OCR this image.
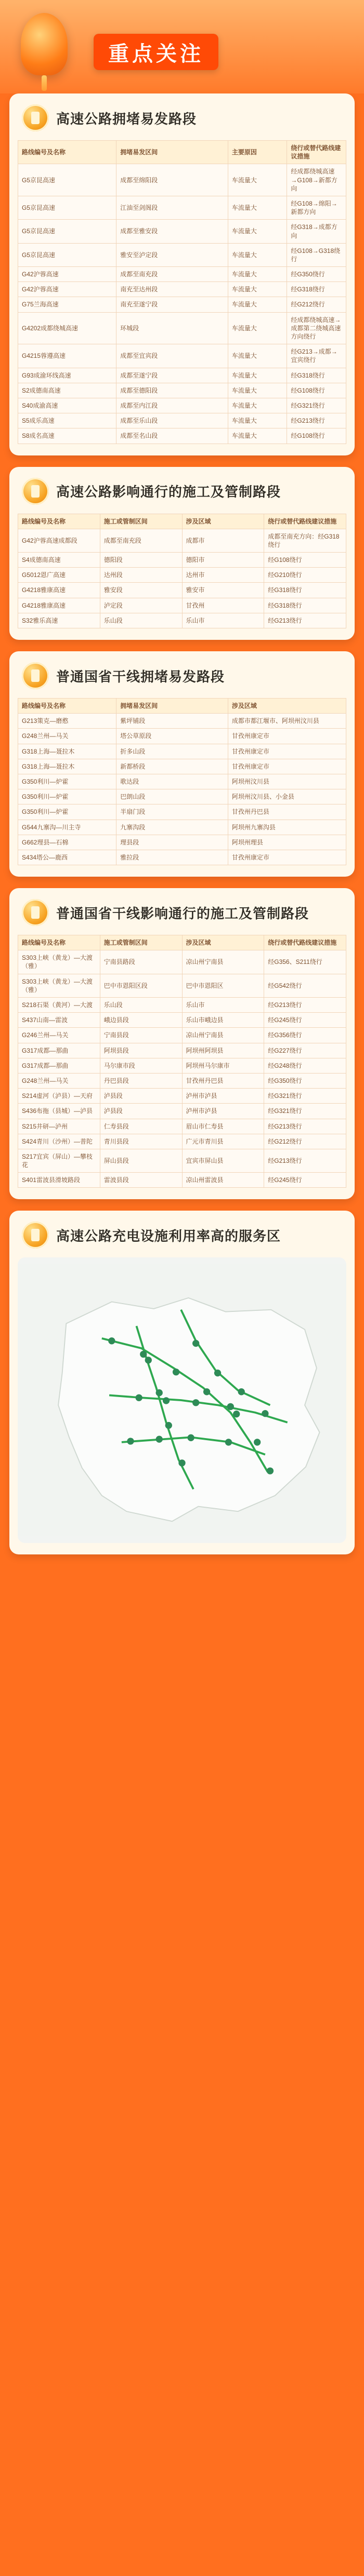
重点关注
高速公路拥堵易发路段
路线编号及名称	拥堵易发区间	主要原因	绕行或替代路线建议措施
G5京昆高速	成都至绵阳段	车流量大	经成都绕城高速→G108→新都方向
G5京昆高速	江油至剑阁段	车流量大	经G108→绵阳→新都方向
G5京昆高速	成都至雅安段	车流量大	经G318→成都方向
G5京昆高速	雅安至泸定段	车流量大	经G108→G318绕行
G42沪蓉高速	成都至南充段	车流量大	经G350绕行
G42沪蓉高速	南充至达州段	车流量大	经G318绕行
G75兰海高速	南充至遂宁段	车流量大	经G212绕行
G4202成都绕城高速	环城段	车流量大	经成都绕城高速→成都第二绕城高速方向绕行
G4215蓉遵高速	成都至宜宾段	车流量大	经G213→成都→宜宾绕行
G93成渝环线高速	成都至遂宁段	车流量大	经G318绕行
S2成德南高速	成都至德阳段	车流量大	经G108绕行
S40成渝高速	成都至内江段	车流量大	经G321绕行
S5成乐高速	成都至乐山段	车流量大	经G213绕行
S8成名高速	成都至名山段	车流量大	经G108绕行
高速公路影响通行的施工及管制路段
路线编号及名称	施工或管制区间	涉及区域	绕行或替代路线建议措施
G42沪蓉高速成都段	成都至南充段	成都市	成都至南充方向：经G318绕行
S4成德南高速	德阳段	德阳市	经G108绕行
G5012恩广高速	达州段	达州市	经G210绕行
G4218雅康高速	雅安段	雅安市	经G318绕行
G4218雅康高速	泸定段	甘孜州	经G318绕行
S32雅乐高速	乐山段	乐山市	经G213绕行
普通国省干线拥堵易发路段
路线编号及名称	拥堵易发区间	涉及区域
G213策克—磨憨	紫坪铺段	成都市都江堰市、阿坝州汶川县
G248兰州—马关	塔公草原段	甘孜州康定市
G318上海—聂拉木	折多山段	甘孜州康定市
G318上海—聂拉木	新都桥段	甘孜州康定市
G350利川—炉霍	歌达段	阿坝州汶川县
G350利川—炉霍	巴朗山段	阿坝州汶川县、小金县
G350利川—炉霍	半扇门段	甘孜州丹巴县
G544九寨沟—川主寺	九寨沟段	阿坝州九寨沟县
G662理县—石棉	理县段	阿坝州理县
S434塔公—鹿西	雅拉段	甘孜州康定市
普通国省干线影响通行的施工及管制路段
路线编号及名称	施工或管制区间	涉及区域	绕行或替代路线建议措施
S303上峡（黄龙）—大渡（雅）	宁南县路段	凉山州宁南县	经G356、S211绕行
S303上峡（黄龙）—大渡（雅）	巴中市恩阳区段	巴中市恩阳区	经G542绕行
S218石渠（黄河）—大渡	乐山段	乐山市	经G213绕行
S437山南—雷波	峨边县段	乐山市峨边县	经G245绕行
G246兰州—马关	宁南县段	凉山州宁南县	经G356绕行
G317成都—那曲	阿坝县段	阿坝州阿坝县	经G227绕行
G317成都—那曲	马尔康市段	阿坝州马尔康市	经G248绕行
G248兰州—马关	丹巴县段	甘孜州丹巴县	经G350绕行
S214虚河（泸县）—天府	泸县段	泸州市泸县	经G321绕行
S436布拖（县城）—泸县	泸县段	泸州市泸县	经G321绕行
S215井研—泸州	仁寿县段	眉山市仁寿县	经G213绕行
S424青川（沙州）—普陀	青川县段	广元市青川县	经G212绕行
S217宜宾（屏山）—攀枝花	屏山县段	宜宾市屏山县	经G213绕行
S401雷波县滑坡路段	雷波县段	凉山州雷波县	经G245绕行
高速公路充电设施利用率高的服务区
